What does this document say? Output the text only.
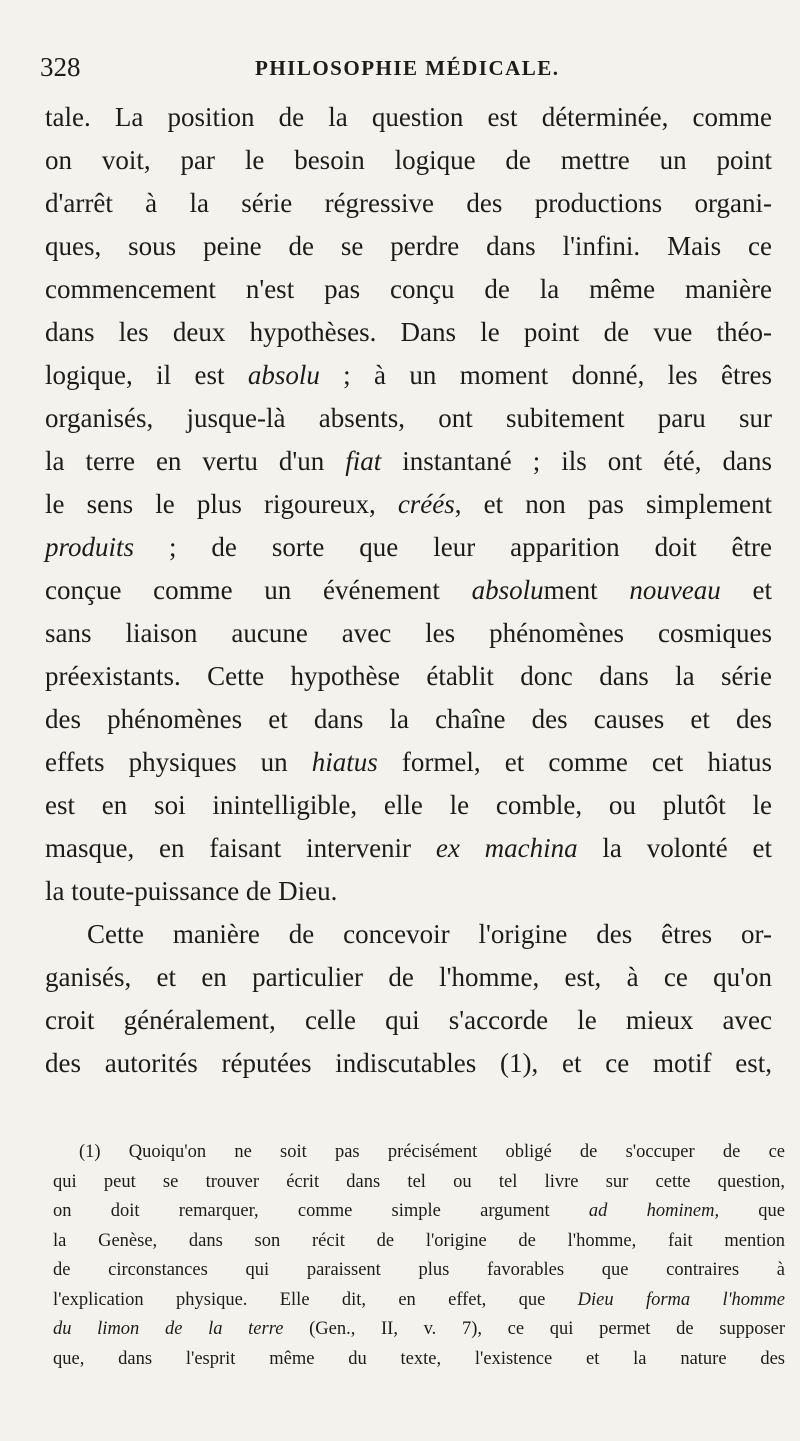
328	PHILOSOPHIE MÉDICALE.
tale. La position de la question est déterminée, comme
on voit, par le besoin logique de mettre un point
d'arrêt à la série régressive des productions organi-
ques, sous peine de se perdre dans l'infini. Mais ce
commencement n'est pas conçu de la même manière
dans les deux hypothèses. Dans le point de vue théo-
logique, il est absolu ; à un moment donné, les êtres
organisés, jusque-là absents, ont subitement paru sur
la terre en vertu d'un fiat instantané ; ils ont été, dans
le sens le plus rigoureux, créés, et non pas simplement
produits ; de sorte que leur apparition doit être
conçue comme un événement absolument nouveau et
sans liaison aucune avec les phénomènes cosmiques
préexistants. Cette hypothèse établit donc dans la série
des phénomènes et dans la chaîne des causes et des
effets physiques un hiatus formel, et comme cet hiatus
est en soi inintelligible, elle le comble, ou plutôt le
masque, en faisant intervenir ex machina la volonté et
la toute-puissance de Dieu.
Cette manière de concevoir l'origine des êtres or-
ganisés, et en particulier de l'homme, est, à ce qu'on
croit généralement, celle qui s'accorde le mieux avec
des autorités réputées indiscutables (1), et ce motif est,
(1) Quoiqu'on ne soit pas précisément obligé de s'occuper de ce
qui peut se trouver écrit dans tel ou tel livre sur cette question,
on doit remarquer, comme simple argument ad hominem, que
la Genèse, dans son récit de l'origine de l'homme, fait mention
de circonstances qui paraissent plus favorables que contraires à
l'explication physique. Elle dit, en effet, que Dieu forma l'homme
du limon de la terre (Gen., II, v. 7), ce qui permet de supposer
que, dans l'esprit même du texte, l'existence et la nature des
